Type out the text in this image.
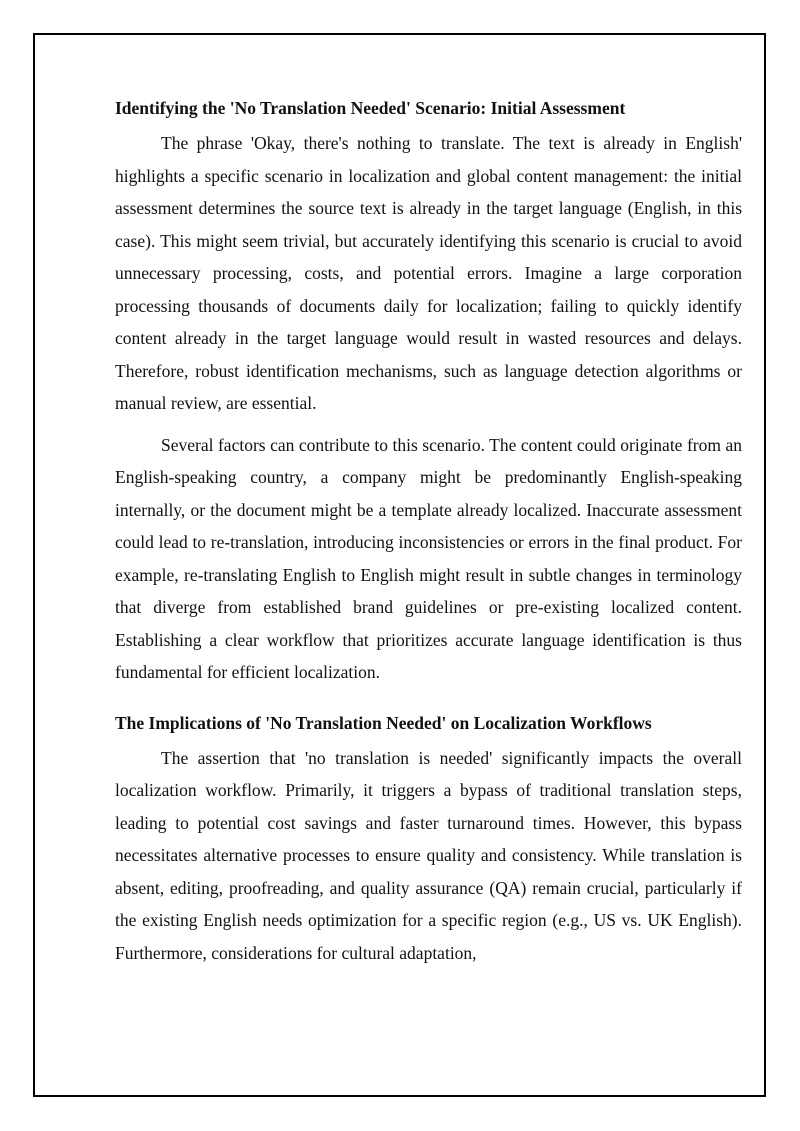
Identifying the 'No Translation Needed' Scenario: Initial Assessment

The phrase 'Okay, there's nothing to translate. The text is already in English' highlights a specific scenario in localization and global content management: the initial assessment determines the source text is already in the target language (English, in this case). This might seem trivial, but accurately identifying this scenario is crucial to avoid unnecessary processing, costs, and potential errors. Imagine a large corporation processing thousands of documents daily for localization; failing to quickly identify content already in the target language would result in wasted resources and delays. Therefore, robust identification mechanisms, such as language detection algorithms or manual review, are essential.

Several factors can contribute to this scenario. The content could originate from an English-speaking country, a company might be predominantly English-speaking internally, or the document might be a template already localized. Inaccurate assessment could lead to re-translation, introducing inconsistencies or errors in the final product. For example, re-translating English to English might result in subtle changes in terminology that diverge from established brand guidelines or pre-existing localized content. Establishing a clear workflow that prioritizes accurate language identification is thus fundamental for efficient localization.

The Implications of 'No Translation Needed' on Localization Workflows

The assertion that 'no translation is needed' significantly impacts the overall localization workflow. Primarily, it triggers a bypass of traditional translation steps, leading to potential cost savings and faster turnaround times. However, this bypass necessitates alternative processes to ensure quality and consistency. While translation is absent, editing, proofreading, and quality assurance (QA) remain crucial, particularly if the existing English needs optimization for a specific region (e.g., US vs. UK English). Furthermore, considerations for cultural adaptation,
